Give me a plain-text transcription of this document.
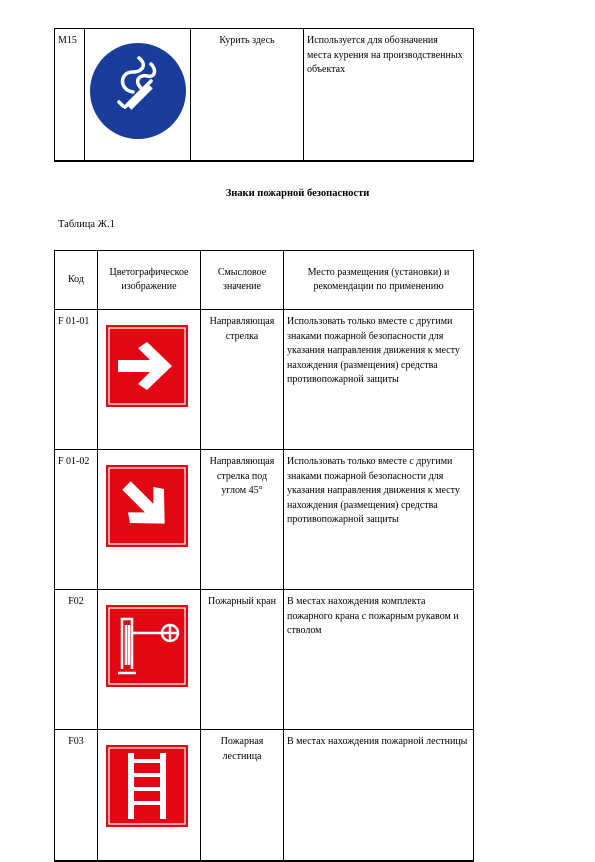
M15		Курить здесь	Используется для обозначения места курения на производственных объектах
Знаки пожарной безопасности
Таблица Ж.1
Код	Цветографическое изображение	Смысловое значение	Место размещения (установки) и рекомендации по применению
F 01-01		Направляющая стрелка	Использовать только вместе с другими знаками пожарной безопасности для указания направления движения к месту нахождения (размещения) средства противопожарной защиты
F 01-02		Направляющая стрелка под углом 45°	Использовать только вместе с другими знаками пожарной безопасности для указания направления движения к месту нахождения (размещения) средства противопожарной защиты
F02		Пожарный кран	В местах нахождения комплекта пожарного крана с пожарным рукавом и стволом
F03		Пожарная лестница	В местах нахождения пожарной лестницы
